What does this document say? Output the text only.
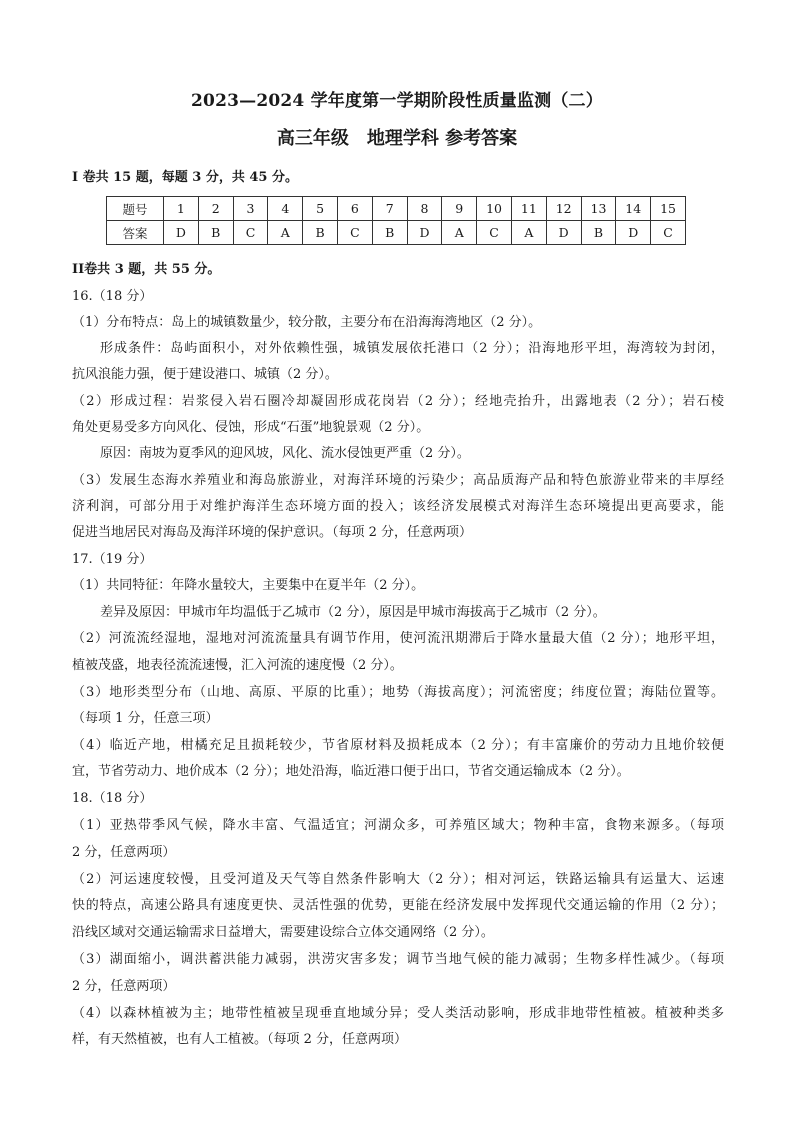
2023—2024 学年度第一学期阶段性质量监测（二）
高三年级　地理学科 参考答案
I 卷共 15 题，每题 3 分，共 45 分。
题号	1	2	3	4	5	6	7	8	9	10	11	12	13	14	15
答案	D	B	C	A	B	C	B	D	A	C	A	D	B	D	C
II卷共 3 题，共 55 分。
16.（18 分）
（1）分布特点：岛上的城镇数量少，较分散，主要分布在沿海海湾地区（2 分）。
形成条件：岛屿面积小，对外依赖性强，城镇发展依托港口（2 分）；沿海地形平坦，海湾较为封闭，
抗风浪能力强，便于建设港口、城镇（2 分）。
（2）形成过程：岩浆侵入岩石圈冷却凝固形成花岗岩（2 分）；经地壳抬升，出露地表（2 分）；岩石棱
角处更易受多方向风化、侵蚀，形成“石蛋”地貌景观（2 分）。
原因：南坡为夏季风的迎风坡，风化、流水侵蚀更严重（2 分）。
（3）发展生态海水养殖业和海岛旅游业，对海洋环境的污染少；高品质海产品和特色旅游业带来的丰厚经
济利润，可部分用于对维护海洋生态环境方面的投入；该经济发展模式对海洋生态环境提出更高要求，能
促进当地居民对海岛及海洋环境的保护意识。（每项 2 分，任意两项）
17.（19 分）
（1）共同特征：年降水量较大，主要集中在夏半年（2 分）。
差异及原因：甲城市年均温低于乙城市（2 分），原因是甲城市海拔高于乙城市（2 分）。
（2）河流流经湿地，湿地对河流流量具有调节作用，使河流汛期滞后于降水量最大值（2 分）；地形平坦，
植被茂盛，地表径流流速慢，汇入河流的速度慢（2 分）。
（3）地形类型分布（山地、高原、平原的比重）；地势（海拔高度）；河流密度；纬度位置；海陆位置等。
（每项 1 分，任意三项）
（4）临近产地，柑橘充足且损耗较少，节省原材料及损耗成本（2 分）；有丰富廉价的劳动力且地价较便
宜，节省劳动力、地价成本（2 分）；地处沿海，临近港口便于出口，节省交通运输成本（2 分）。
18.（18 分）
（1）亚热带季风气候，降水丰富、气温适宜；河湖众多，可养殖区域大；物种丰富，食物来源多。（每项
2 分，任意两项）
（2）河运速度较慢，且受河道及天气等自然条件影响大（2 分）；相对河运，铁路运输具有运量大、运速
快的特点，高速公路具有速度更快、灵活性强的优势，更能在经济发展中发挥现代交通运输的作用（2 分）；
沿线区域对交通运输需求日益增大，需要建设综合立体交通网络（2 分）。
（3）湖面缩小，调洪蓄洪能力减弱，洪涝灾害多发；调节当地气候的能力减弱；生物多样性减少。（每项
2 分，任意两项）
（4）以森林植被为主；地带性植被呈现垂直地域分异；受人类活动影响，形成非地带性植被。植被种类多
样，有天然植被，也有人工植被。（每项 2 分，任意两项）
